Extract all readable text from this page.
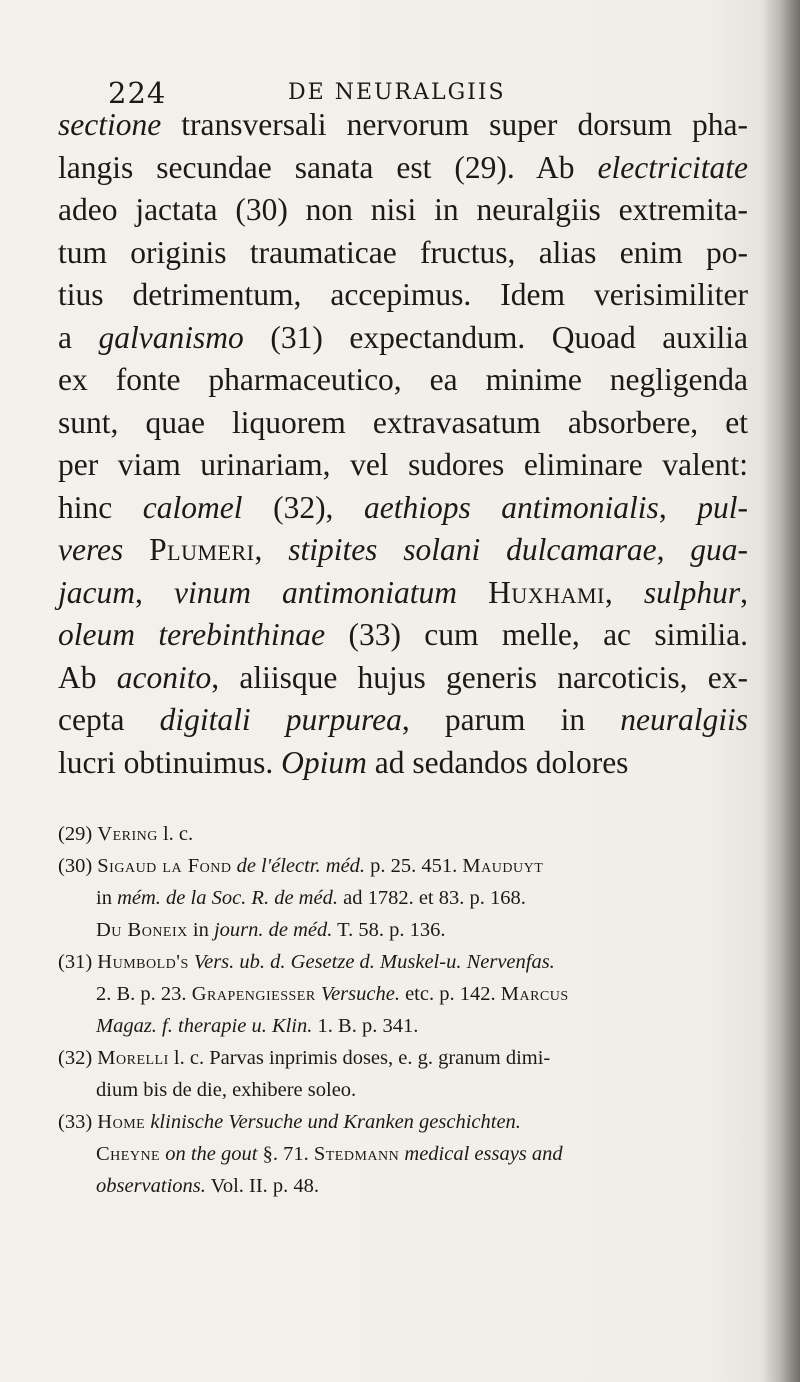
224	DE NEURALGIIS
sectione transversali nervorum super dorsum pha-
langis secundae sanata est (29). Ab electricitate
adeo jactata (30) non nisi in neuralgiis extremita-
tum originis traumaticae fructus, alias enim po-
tius detrimentum, accepimus. Idem verisimiliter
a galvanismo (31) expectandum. Quoad auxilia
ex fonte pharmaceutico, ea minime negligenda
sunt, quae liquorem extravasatum absorbere, et
per viam urinariam, vel sudores eliminare valent:
hinc calomel (32), aethiops antimonialis, pul-
veres Plumeri, stipites solani dulcamarae, gua-
jacum, vinum antimoniatum Huxhami, sulphur,
oleum terebinthinae (33) cum melle, ac similia.
Ab aconito, aliisque hujus generis narcoticis, ex-
cepta digitali purpurea, parum in neuralgiis
lucri obtinuimus. Opium ad sedandos dolores
(29) Vering l. c.
(30) Sigaud la Fond de l'électr. méd. p. 25. 451. Mauduyt
in mém. de la Soc. R. de méd. ad 1782. et 83. p. 168.
Du Boneix in journ. de méd. T. 58. p. 136.
(31) Humbold's Vers. ub. d. Gesetze d. Muskel-u. Nervenfas.
2. B. p. 23. Grapengiesser Versuche. etc. p. 142. Marcus
Magaz. f. therapie u. Klin. 1. B. p. 341.
(32) Morelli l. c. Parvas inprimis doses, e. g. granum dimi-
dium bis de die, exhibere soleo.
(33) Home klinische Versuche und Kranken geschichten.
Cheyne on the gout §. 71. Stedmann medical essays and
observations. Vol. II. p. 48.
